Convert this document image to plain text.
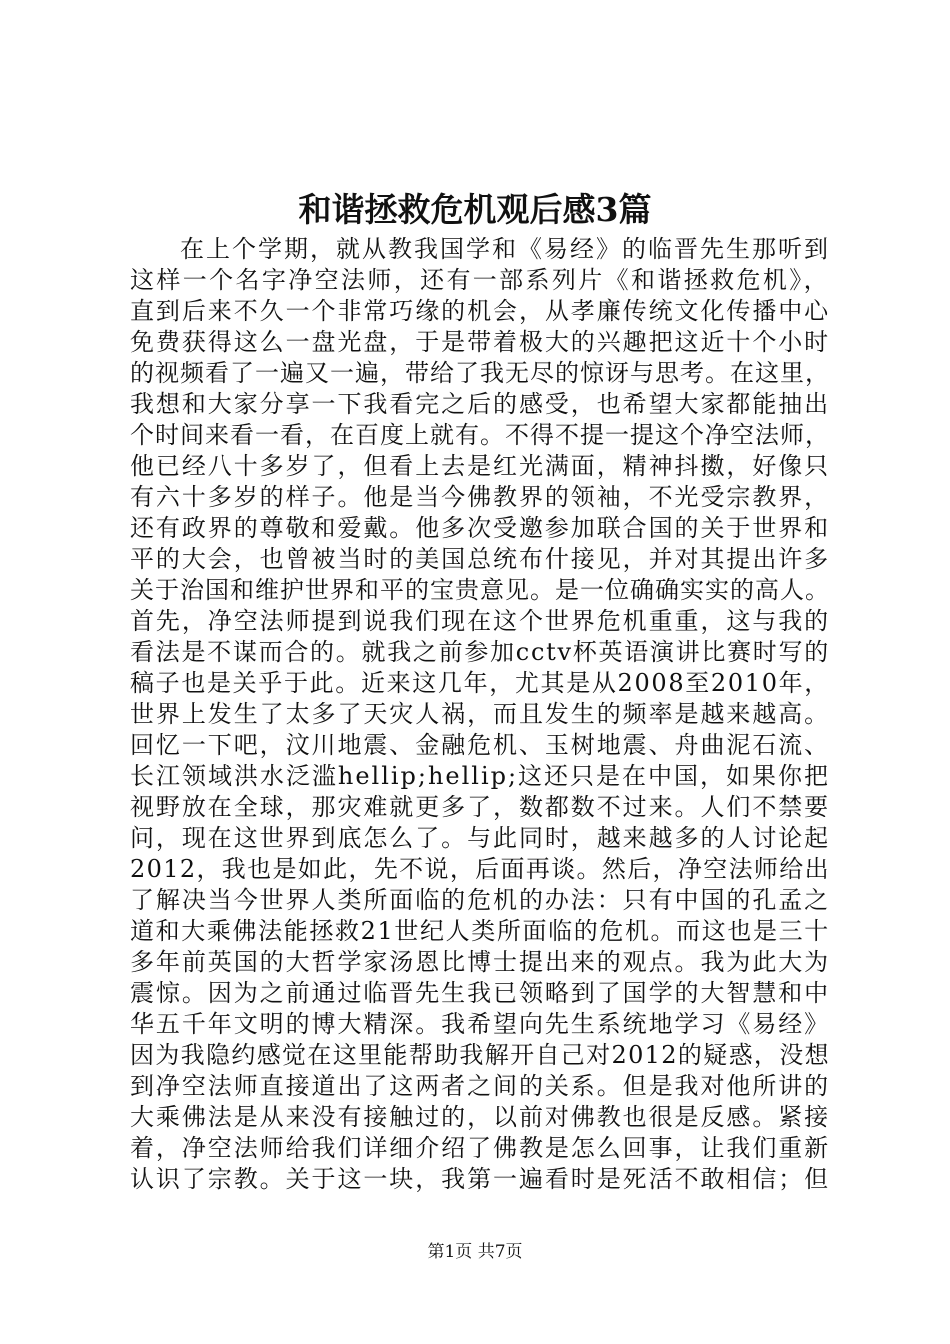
和谐拯救危机观后感3篇
在上个学期，就从教我国学和《易经》的临晋先生那听到
这样一个名字净空法师，还有一部系列片《和谐拯救危机》，
直到后来不久一个非常巧缘的机会，从孝廉传统文化传播中心
免费获得这么一盘光盘，于是带着极大的兴趣把这近十个小时
的视频看了一遍又一遍，带给了我无尽的惊讶与思考。在这里，
我想和大家分享一下我看完之后的感受，也希望大家都能抽出
个时间来看一看，在百度上就有。不得不提一提这个净空法师，
他已经八十多岁了，但看上去是红光满面，精神抖擞，好像只
有六十多岁的样子。他是当今佛教界的领袖，不光受宗教界，
还有政界的尊敬和爱戴。他多次受邀参加联合国的关于世界和
平的大会，也曾被当时的美国总统布什接见，并对其提出许多
关于治国和维护世界和平的宝贵意见。是一位确确实实的高人。
首先，净空法师提到说我们现在这个世界危机重重，这与我的
看法是不谋而合的。就我之前参加cctv杯英语演讲比赛时写的
稿子也是关乎于此。近来这几年，尤其是从2008至2010年，
世界上发生了太多了天灾人祸，而且发生的频率是越来越高。
回忆一下吧，汶川地震、金融危机、玉树地震、舟曲泥石流、
长江领域洪水泛滥hellip;hellip;这还只是在中国，如果你把
视野放在全球，那灾难就更多了，数都数不过来。人们不禁要
问，现在这世界到底怎么了。与此同时，越来越多的人讨论起
2012，我也是如此，先不说，后面再谈。然后，净空法师给出
了解决当今世界人类所面临的危机的办法：只有中国的孔孟之
道和大乘佛法能拯救21世纪人类所面临的危机。而这也是三十
多年前英国的大哲学家汤恩比博士提出来的观点。我为此大为
震惊。因为之前通过临晋先生我已领略到了国学的大智慧和中
华五千年文明的博大精深。我希望向先生系统地学习《易经》
因为我隐约感觉在这里能帮助我解开自己对2012的疑惑，没想
到净空法师直接道出了这两者之间的关系。但是我对他所讲的
大乘佛法是从来没有接触过的，以前对佛教也很是反感。紧接
着，净空法师给我们详细介绍了佛教是怎么回事，让我们重新
认识了宗教。关于这一块，我第一遍看时是死活不敢相信；但
第1页 共7页
